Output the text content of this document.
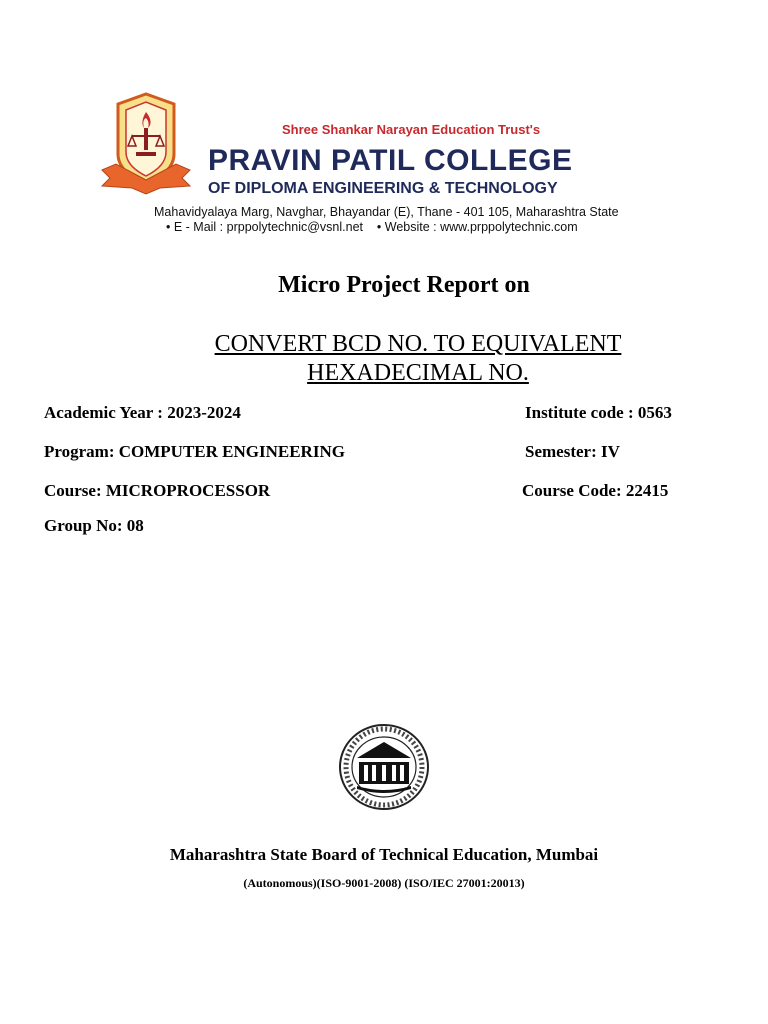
Shree Shankar Narayan Education Trust's
PRAVIN PATIL COLLEGE
OF DIPLOMA ENGINEERING & TECHNOLOGY
Mahavidyalaya Marg, Navghar, Bhayandar (E), Thane - 401 105, Maharashtra State
• E - Mail : prppolytechnic@vsnl.net • Website : www.prppolytechnic.com
Micro Project Report on
CONVERT BCD NO. TO EQUIVALENT
HEXADECIMAL NO.
Academic Year : 2023-2024	Institute code : 0563
Program: COMPUTER ENGINEERING	Semester: IV
Course: MICROPROCESSOR	Course Code: 22415
Group No: 08
Maharashtra State Board of Technical Education, Mumbai
(Autonomous)(ISO-9001-2008) (ISO/IEC 27001:20013)
